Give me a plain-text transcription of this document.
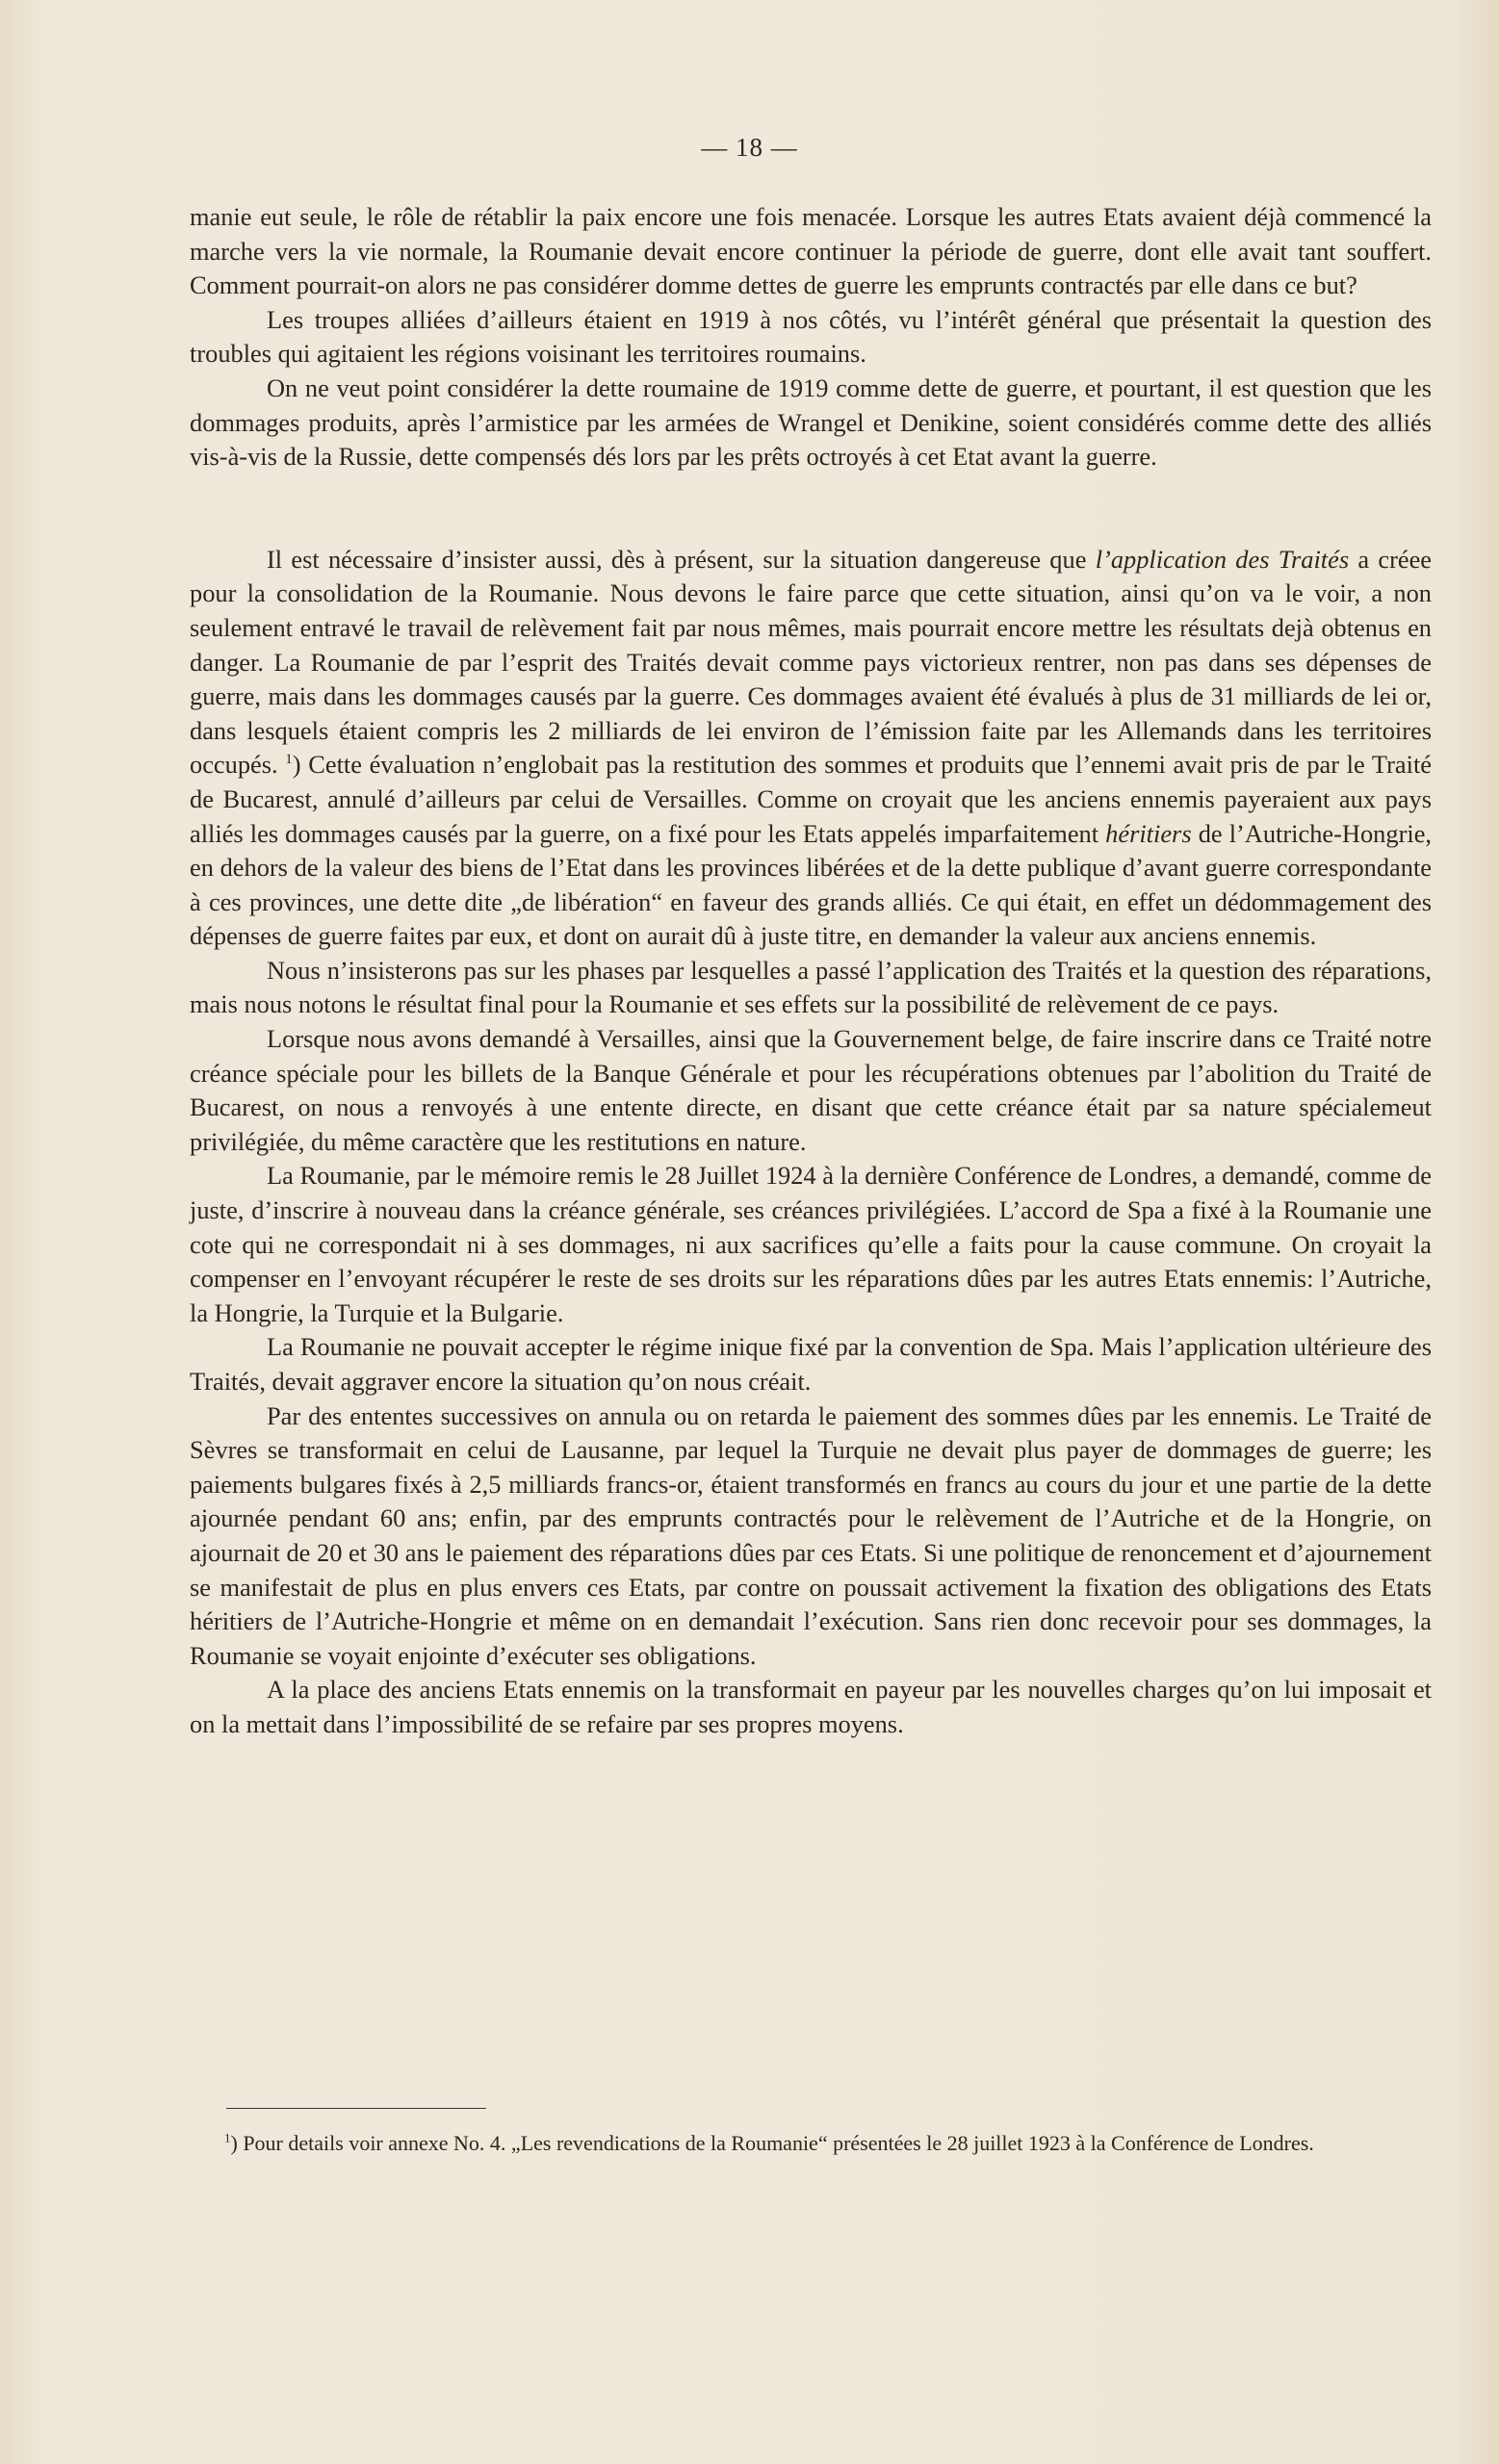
— 18 —

manie eut seule, le rôle de rétablir la paix encore une fois menacée. Lorsque les autres Etats avaient déjà commencé la marche vers la vie normale, la Roumanie devait encore continuer la période de guerre, dont elle avait tant souffert. Comment pourrait-on alors ne pas considérer domme dettes de guerre les emprunts contractés par elle dans ce but?

Les troupes alliées d’ailleurs étaient en 1919 à nos côtés, vu l’intérêt général que présentait la question des troubles qui agitaient les régions voisinant les territoires roumains.

On ne veut point considérer la dette roumaine de 1919 comme dette de guerre, et pourtant, il est question que les dommages produits, après l’armistice par les armées de Wrangel et Denikine, soient considérés comme dette des alliés vis-à-vis de la Russie, dette compensés dés lors par les prêts octroyés à cet Etat avant la guerre.

Il est nécessaire d’insister aussi, dès à présent, sur la situation dangereuse que l’application des Traités a créee pour la consolidation de la Roumanie. Nous devons le faire parce que cette situation, ainsi qu’on va le voir, a non seulement entravé le travail de relèvement fait par nous mêmes, mais pourrait encore mettre les résultats dejà obtenus en danger. La Roumanie de par l’esprit des Traités devait comme pays victorieux rentrer, non pas dans ses dépenses de guerre, mais dans les dommages causés par la guerre. Ces dommages avaient été évalués à plus de 31 milliards de lei or, dans lesquels étaient compris les 2 milliards de lei environ de l’émission faite par les Allemands dans les territoires occupés. $^1$) Cette évaluation n’englobait pas la restitution des sommes et produits que l’ennemi avait pris de par le Traité de Bucarest, annulé d’ailleurs par celui de Versailles. Comme on croyait que les anciens ennemis payeraient aux pays alliés les dommages causés par la guerre, on a fixé pour les Etats appelés imparfaitement héritiers de l’Autriche-Hongrie, en dehors de la valeur des biens de l’Etat dans les provinces libérées et de la dette publique d’avant guerre correspondante à ces provinces, une dette dite „de libération“ en faveur des grands alliés. Ce qui était, en effet un dédommagement des dépenses de guerre faites par eux, et dont on aurait dû à juste titre, en demander la valeur aux anciens ennemis.

Nous n’insisterons pas sur les phases par lesquelles a passé l’application des Traités et la question des réparations, mais nous notons le résultat final pour la Roumanie et ses effets sur la possibilité de relèvement de ce pays.

Lorsque nous avons demandé à Versailles, ainsi que la Gouvernement belge, de faire inscrire dans ce Traité notre créance spéciale pour les billets de la Banque Générale et pour les récupérations obtenues par l’abolition du Traité de Bucarest, on nous a renvoyés à une entente directe, en disant que cette créance était par sa nature spécialemeut privilégiée, du même caractère que les restitutions en nature.

La Roumanie, par le mémoire remis le 28 Juillet 1924 à la dernière Conférence de Londres, a demandé, comme de juste, d’inscrire à nouveau dans la créance générale, ses créances privilégiées. L’accord de Spa a fixé à la Roumanie une cote qui ne correspondait ni à ses dommages, ni aux sacrifices qu’elle a faits pour la cause commune. On croyait la compenser en l’envoyant récupérer le reste de ses droits sur les réparations dûes par les autres Etats ennemis: l’Autriche, la Hongrie, la Turquie et la Bulgarie.

La Roumanie ne pouvait accepter le régime inique fixé par la convention de Spa. Mais l’application ultérieure des Traités, devait aggraver encore la situation qu’on nous créait.

Par des ententes successives on annula ou on retarda le paiement des sommes dûes par les ennemis. Le Traité de Sèvres se transformait en celui de Lausanne, par lequel la Turquie ne devait plus payer de dommages de guerre; les paiements bulgares fixés à 2,5 milliards francs-or, étaient transformés en francs au cours du jour et une partie de la dette ajournée pendant 60 ans; enfin, par des emprunts contractés pour le relèvement de l’Autriche et de la Hongrie, on ajournait de 20 et 30 ans le paiement des réparations dûes par ces Etats. Si une politique de renoncement et d’ajournement se manifestait de plus en plus envers ces Etats, par contre on poussait activement la fixation des obligations des Etats héritiers de l’Autriche-Hongrie et même on en demandait l’exécution. Sans rien donc recevoir pour ses dommages, la Roumanie se voyait enjointe d’exécuter ses obligations.

A la place des anciens Etats ennemis on la transformait en payeur par les nouvelles charges qu’on lui imposait et on la mettait dans l’impossibilité de se refaire par ses propres moyens.

$^1$) Pour details voir annexe No. 4. „Les revendications de la Roumanie“ présentées le 28 juillet 1923 à la Conférence de Londres.
